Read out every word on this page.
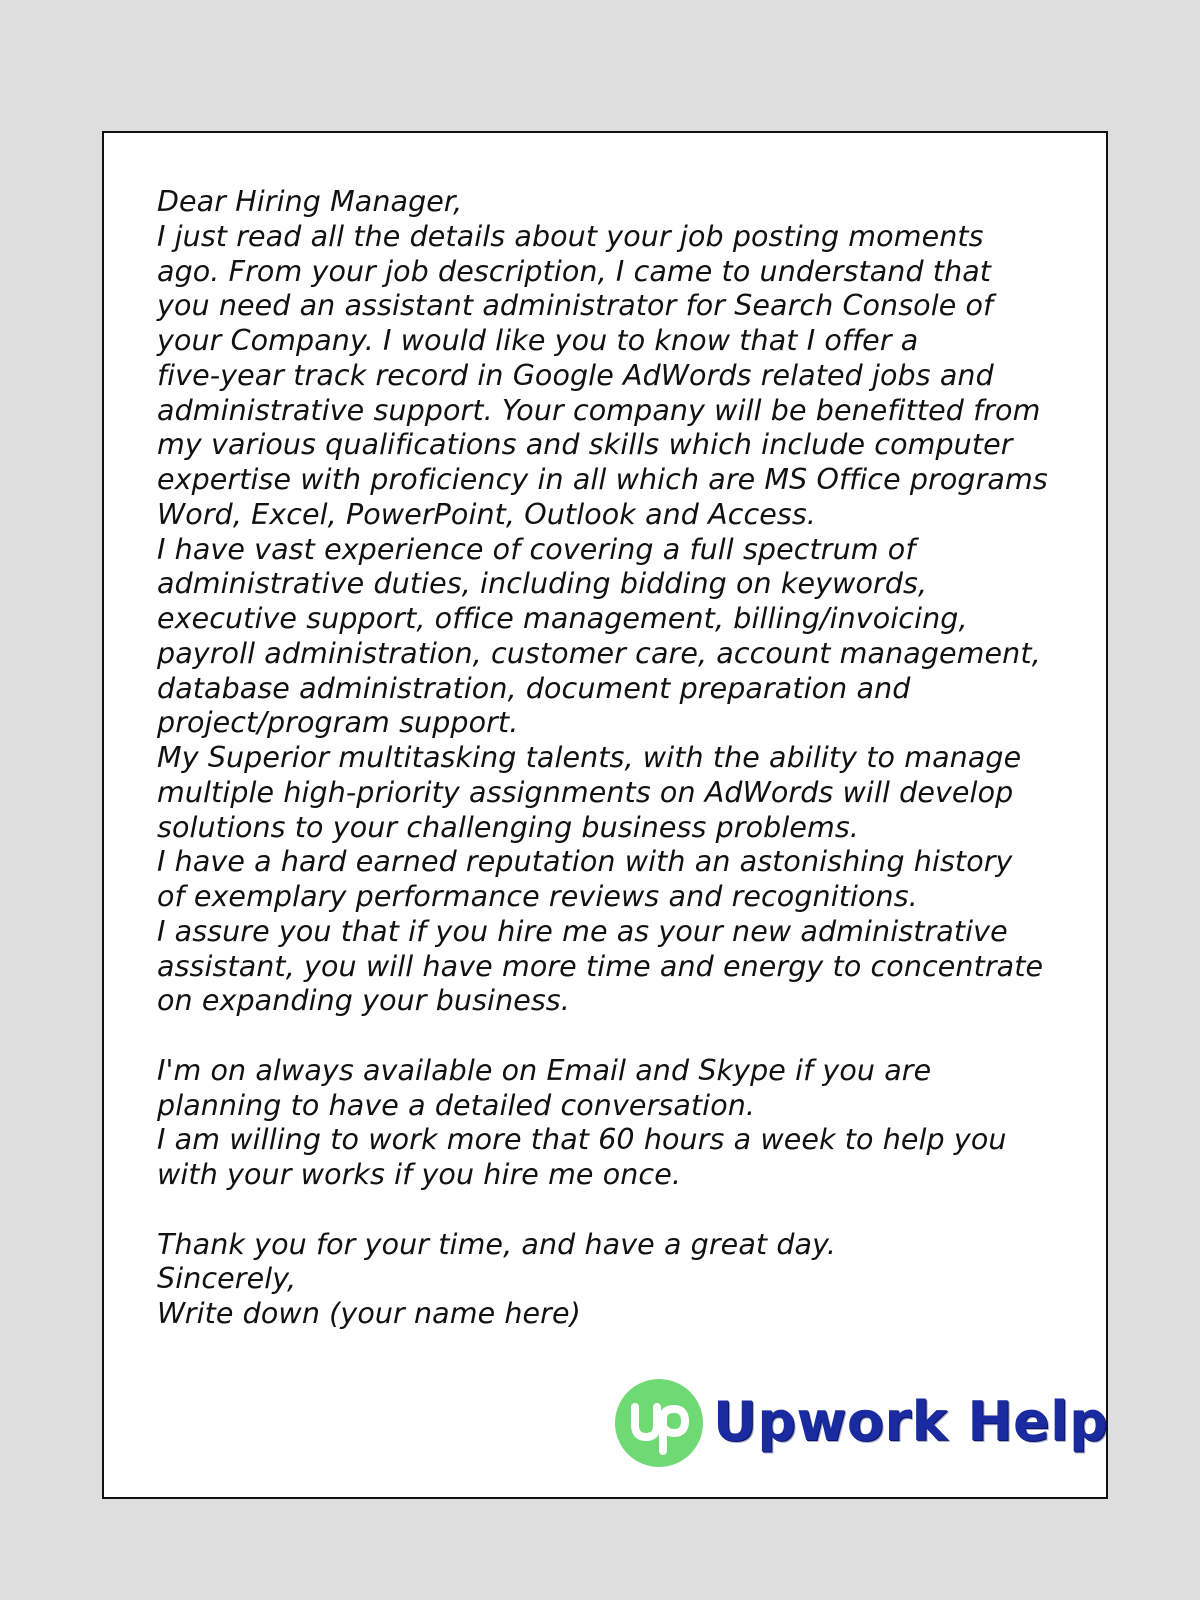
Dear Hiring Manager,
I just read all the details about your job posting moments
ago. From your job description, I came to understand that
you need an assistant administrator for Search Console of
your Company. I would like you to know that I offer a
five-year track record in Google AdWords related jobs and
administrative support. Your company will be benefitted from
my various qualifications and skills which include computer
expertise with proficiency in all which are MS Office programs
Word, Excel, PowerPoint, Outlook and Access.
I have vast experience of covering a full spectrum of
administrative duties, including bidding on keywords,
executive support, office management, billing/invoicing,
payroll administration, customer care, account management,
database administration, document preparation and
project/program support.
My Superior multitasking talents, with the ability to manage
multiple high-priority assignments on AdWords will develop
solutions to your challenging business problems.
I have a hard earned reputation with an astonishing history
of exemplary performance reviews and recognitions.
I assure you that if you hire me as your new administrative
assistant, you will have more time and energy to concentrate
on expanding your business.
I'm on always available on Email and Skype if you are
planning to have a detailed conversation.
I am willing to work more that 60 hours a week to help you
with your works if you hire me once.
Thank you for your time, and have a great day.
Sincerely,
Write down (your name here)
Upwork Help
